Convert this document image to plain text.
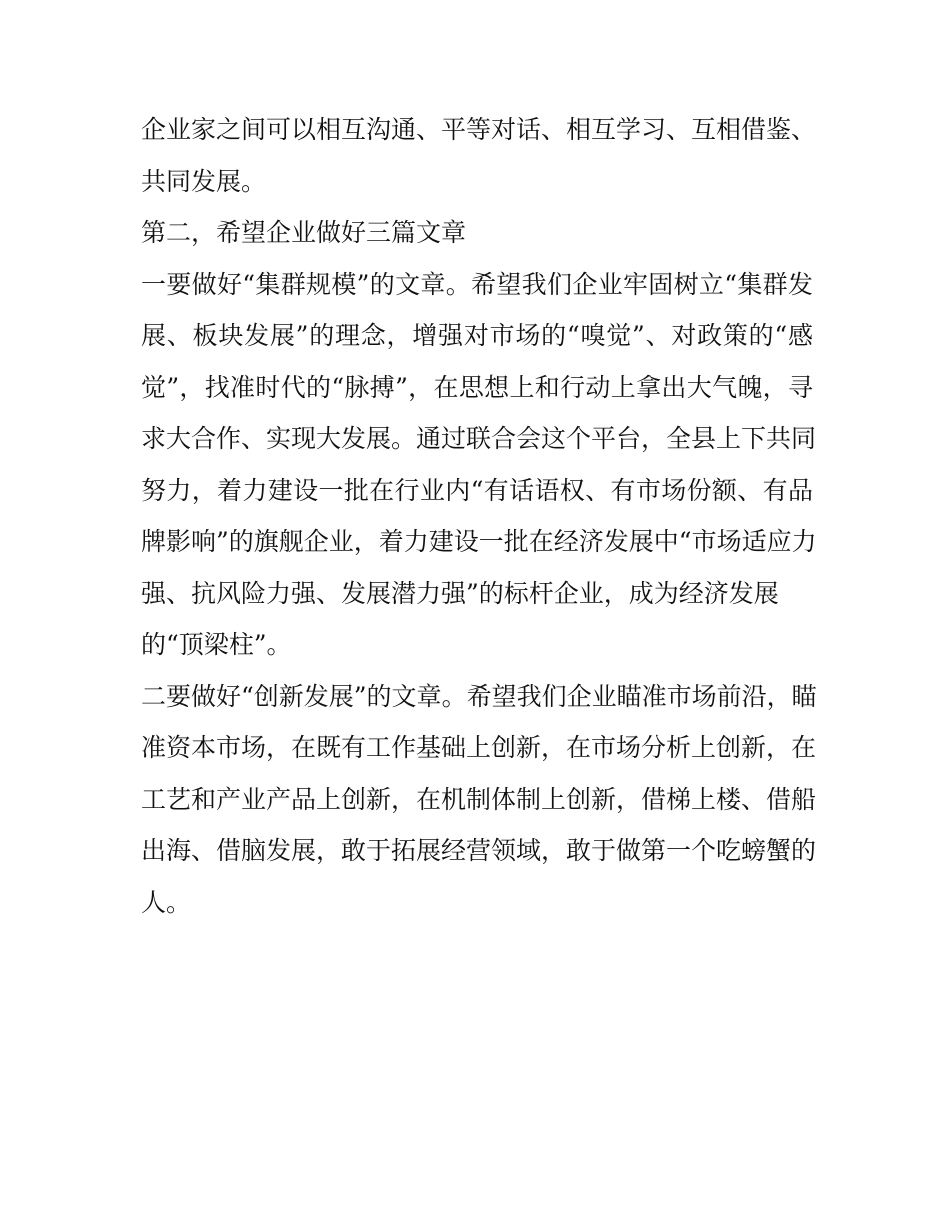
企业家之间可以相互沟通、平等对话、相互学习、互相借鉴、
共同发展。
第二，希望企业做好三篇文章
一要做好“集群规模”的文章。希望我们企业牢固树立“集群发
展、板块发展”的理念，增强对市场的“嗅觉”、对政策的“感
觉”，找准时代的“脉搏”，在思想上和行动上拿出大气魄，寻
求大合作、实现大发展。通过联合会这个平台，全县上下共同
努力，着力建设一批在行业内“有话语权、有市场份额、有品
牌影响”的旗舰企业，着力建设一批在经济发展中“市场适应力
强、抗风险力强、发展潜力强”的标杆企业，成为经济发展
的“顶梁柱”。
二要做好“创新发展”的文章。希望我们企业瞄准市场前沿，瞄
准资本市场，在既有工作基础上创新，在市场分析上创新，在
工艺和产业产品上创新，在机制体制上创新，借梯上楼、借船
出海、借脑发展，敢于拓展经营领域，敢于做第一个吃螃蟹的
人。
